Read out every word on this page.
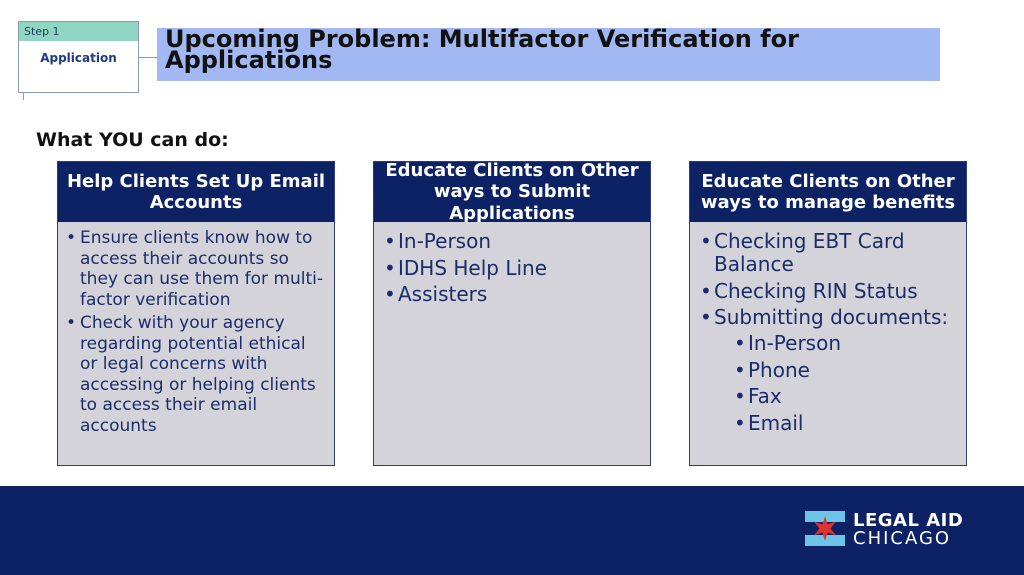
Step 1
Application
Upcoming Problem: Multifactor Verification for Applications
What YOU can do:
Help Clients Set Up Email Accounts
• Ensure clients know how to access their accounts so they can use them for multi-factor verification
• Check with your agency regarding potential ethical or legal concerns with accessing or helping clients to access their email accounts
Educate Clients on Other ways to Submit Applications
• In-Person
• IDHS Help Line
• Assisters
Educate Clients on Other ways to manage benefits
• Checking EBT Card Balance
• Checking RIN Status
• Submitting documents:
• In-Person
• Phone
• Fax
• Email
LEGAL AID
CHICAGO
